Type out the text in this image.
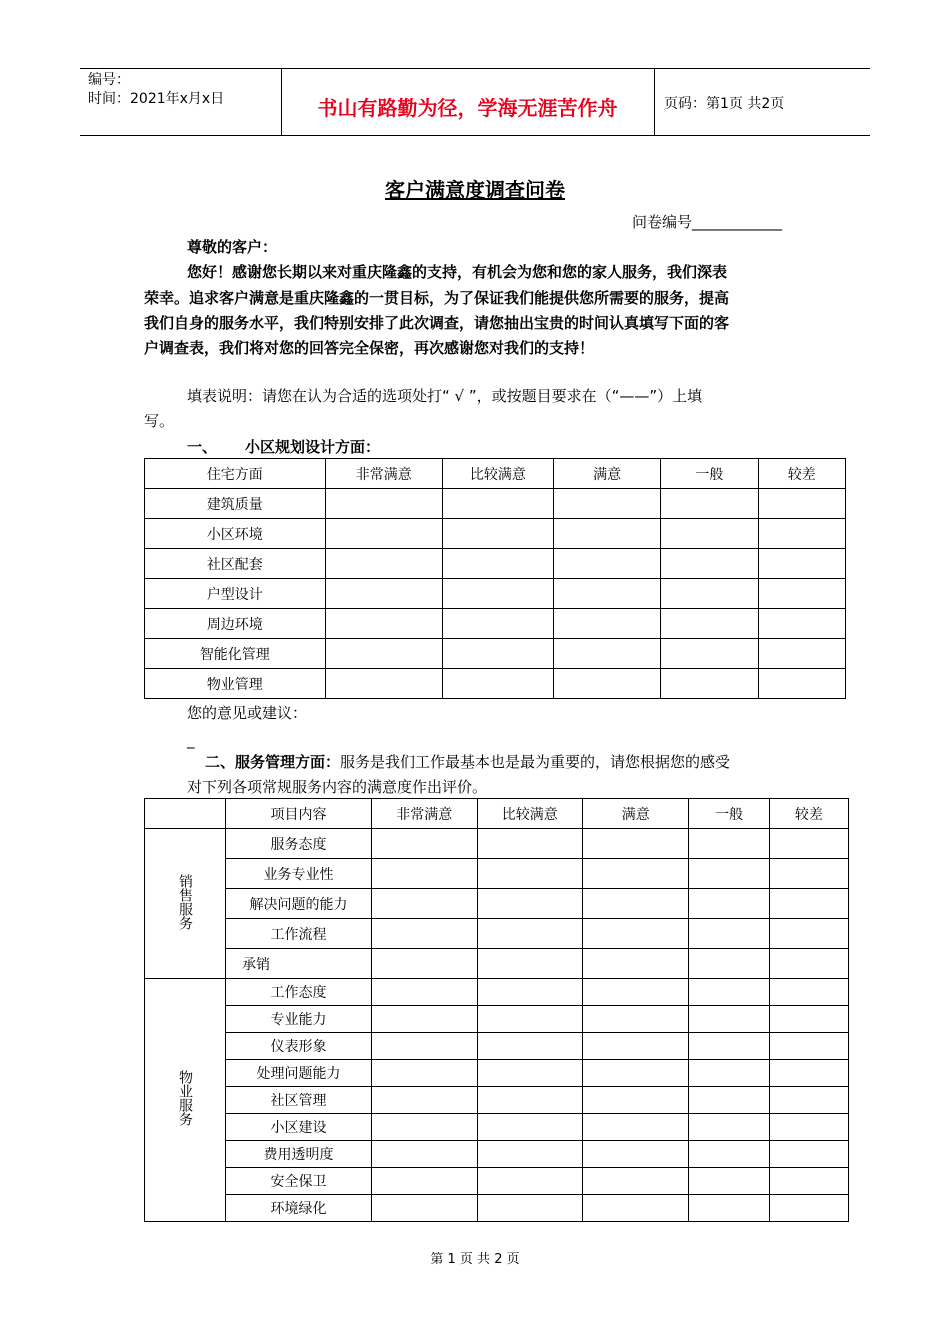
编号：
时间：2021年x月x日	书山有路勤为径，学海无涯苦作舟	页码：第1页 共2页
客户满意度调查问卷
问卷编号____________
尊敬的客户：
您好！感谢您长期以来对重庆隆鑫的支持，有机会为您和您的家人服务，我们深表
荣幸。追求客户满意是重庆隆鑫的一贯目标，为了保证我们能提供您所需要的服务，提高
我们自身的服务水平，我们特别安排了此次调查，请您抽出宝贵的时间认真填写下面的客
户调查表，我们将对您的回答完全保密，再次感谢您对我们的支持！
填表说明：请您在认为合适的选项处打“ √ ”，或按题目要求在（“——”）上填
写。
一、 小区规划设计方面：
住宅方面	非常满意	比较满意	满意	一般	较差
建筑质量					
小区环境					
社区配套					
户型设计					
周边环境					
智能化管理					
物业管理					
您的意见或建议：
_
二、服务管理方面：服务是我们工作最基本也是最为重要的，请您根据您的感受
对下列各项常规服务内容的满意度作出评价。
	项目内容	非常满意	比较满意	满意	一般	较差
销售服务	服务态度					
	业务专业性					
	解决问题的能力					
	工作流程					
	承销					
物业服务	工作态度					
	专业能力					
	仪表形象					
	处理问题能力					
	社区管理					
	小区建设					
	费用透明度					
	安全保卫					
	环境绿化					
第 1 页 共 2 页
